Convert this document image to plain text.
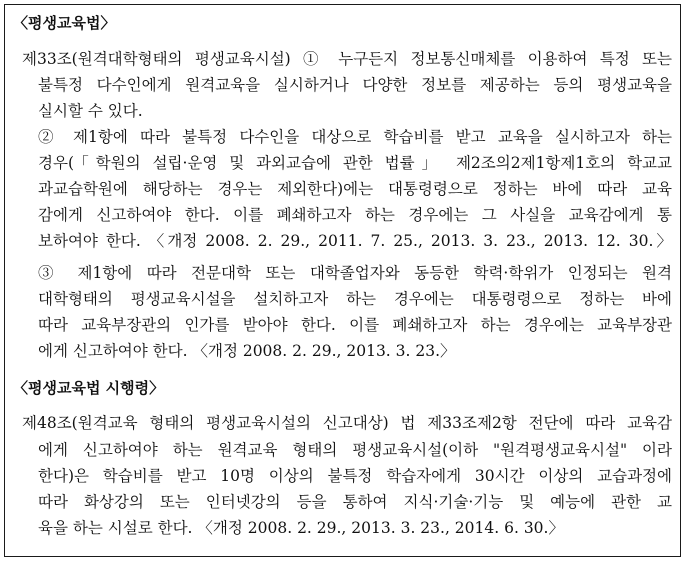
〈평생교육법〉
제33조(원격대학형태의 평생교육시설) ① 누구든지 정보통신매체를 이용하여 특정 또는
불특정 다수인에게 원격교육을 실시하거나 다양한 정보를 제공하는 등의 평생교육을
실시할 수 있다.
② 제1항에 따라 불특정 다수인을 대상으로 학습비를 받고 교육을 실시하고자 하는
경우(「학원의 설립·운영 및 과외교습에 관한 법률」 제2조의2제1항제1호의 학교교
과교습학원에 해당하는 경우는 제외한다)에는 대통령령으로 정하는 바에 따라 교육
감에게 신고하여야 한다. 이를 폐쇄하고자 하는 경우에는 그 사실을 교육감에게 통
보하여야 한다. 〈개정 2008. 2. 29., 2011. 7. 25., 2013. 3. 23., 2013. 12. 30.〉
③ 제1항에 따라 전문대학 또는 대학졸업자와 동등한 학력·학위가 인정되는 원격
대학형태의 평생교육시설을 설치하고자 하는 경우에는 대통령령으로 정하는 바에
따라 교육부장관의 인가를 받아야 한다. 이를 폐쇄하고자 하는 경우에는 교육부장관
에게 신고하여야 한다. 〈개정 2008. 2. 29., 2013. 3. 23.〉
〈평생교육법 시행령〉
제48조(원격교육 형태의 평생교육시설의 신고대상) 법 제33조제2항 전단에 따라 교육감
에게 신고하여야 하는 원격교육 형태의 평생교육시설(이하 "원격평생교육시설" 이라
한다)은 학습비를 받고 10명 이상의 불특정 학습자에게 30시간 이상의 교습과정에
따라 화상강의 또는 인터넷강의 등을 통하여 지식·기술·기능 및 예능에 관한 교
육을 하는 시설로 한다. 〈개정 2008. 2. 29., 2013. 3. 23., 2014. 6. 30.〉
